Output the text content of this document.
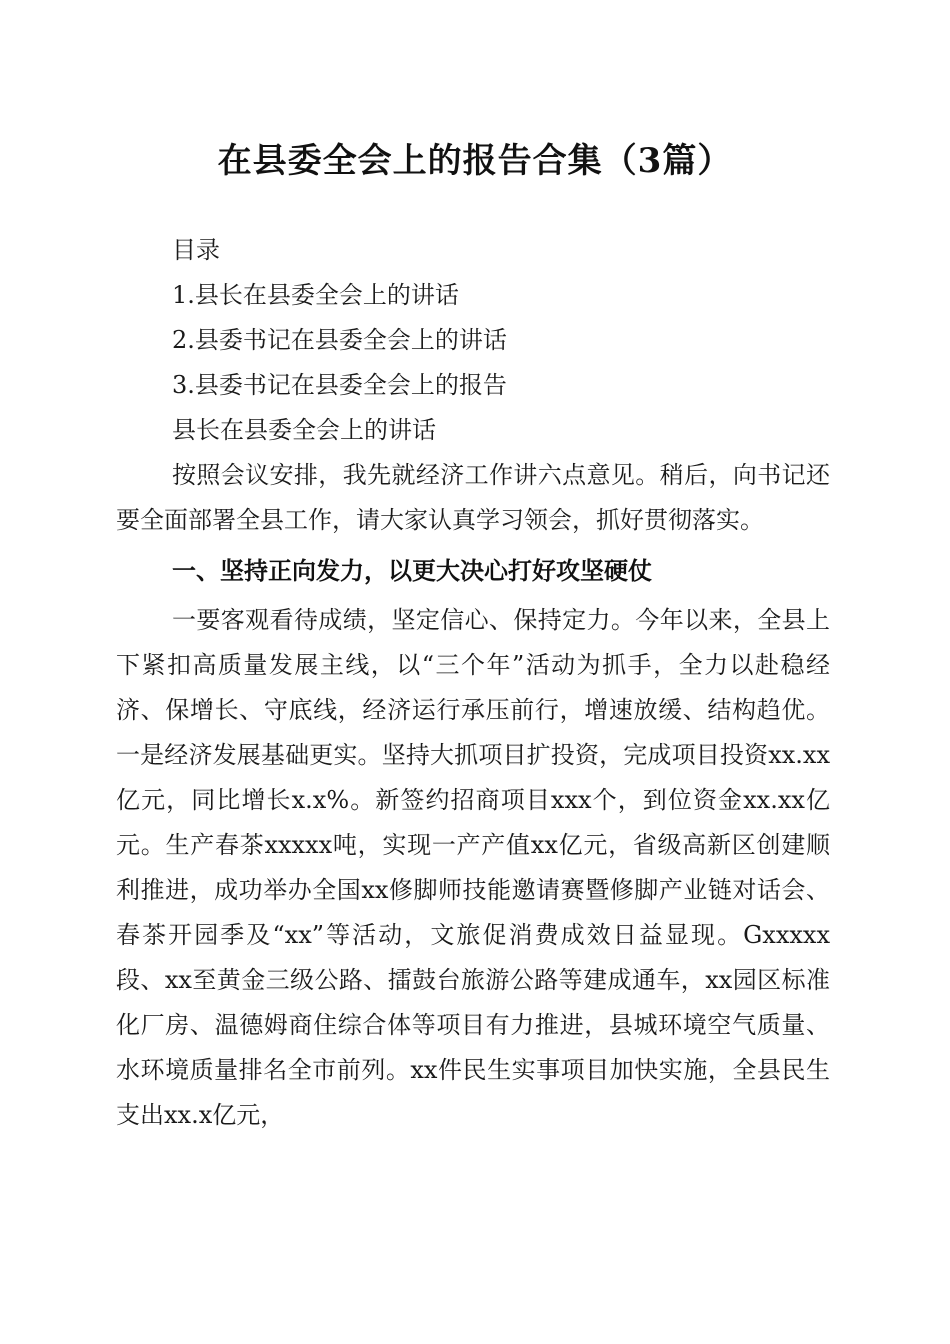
在县委全会上的报告合集（3篇）

目录

1.县长在县委全会上的讲话

2.县委书记在县委全会上的讲话

3.县委书记在县委全会上的报告

县长在县委全会上的讲话

按照会议安排，我先就经济工作讲六点意见。稍后，向书记还要全面部署全县工作，请大家认真学习领会，抓好贯彻落实。

一、坚持正向发力，以更大决心打好攻坚硬仗

一要客观看待成绩，坚定信心、保持定力。今年以来，全县上下紧扣高质量发展主线，以“三个年”活动为抓手，全力以赴稳经济、保增长、守底线，经济运行承压前行，增速放缓、结构趋优。一是经济发展基础更实。坚持大抓项目扩投资，完成项目投资xx.xx亿元，同比增长x.x%。新签约招商项目xxx个，到位资金xx.xx亿元。生产春茶xxxxx吨，实现一产产值xx亿元，省级高新区创建顺利推进，成功举办全国xx修脚师技能邀请赛暨修脚产业链对话会、春茶开园季及“xx”等活动，文旅促消费成效日益显现。Gxxxxx段、xx至黄金三级公路、擂鼓台旅游公路等建成通车，xx园区标准化厂房、温德姆商住综合体等项目有力推进，县城环境空气质量、水环境质量排名全市前列。xx件民生实事项目加快实施，全县民生支出xx.x亿元，
